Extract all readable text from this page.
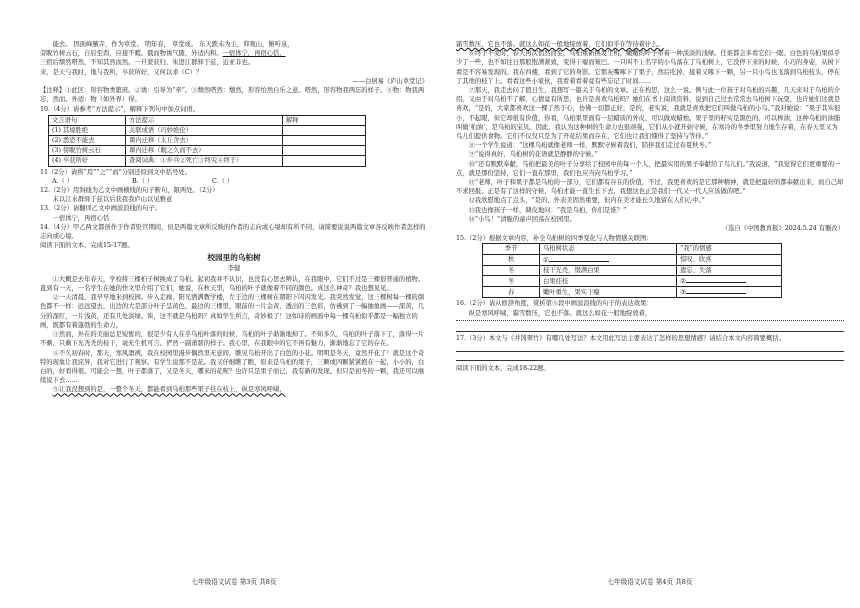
能去。 因面峰腋寺，作为草堂。 明年春， 草堂成。 东天跌未为主，仰观山，俯听泉，

旁睨竹树云石，自辰至酉，应接不暇。俄而物诱气随，外适内和。一宿体宁，再宿心恬，

三宿后颓然嗒然，不知其然而然。一旦蒙获归，朱进江群驿于兹，近亚非也。

来，是天与我时，地与我所，卒获所好，又何以求（C）？

——白居易《庐山草堂记》

【注释】①此区：形容物类繁庶。②诱：引导为“牵”。③颓然嗒然：颓然，形容怡然自乐之意。嗒然，形容物我两忘的样子。④物：物我两忘，然而。外适：物（如外界）得。

10.（4分）请参考“方法提示”，解释下列句中加点词语。

文言语句	方法提示	解释
(1) 其境胜绝	关联成语（巧妙绝伦）	
(2) 悉恐不能去	课内迁移（太丘舍去）	
(3) 傍睨竹树云石	课内迁移（睨之久而不去）	
(4) 卒获所好	查阅词典：①步兵②死亡③终究④终于）	

11（2分）请将“焉”“之”“而”分别还原到文中括号处。

A.（ ）	B.（ ）	C.（ ）

12.（2分）用斜线为乙文中画横线的句子断句，限两处。（2分）

未以江水群驿于兹以后获我我庐山以见雅意

13.（2分）请翻译乙文中画波浪线的句子。

一宿体宁，再宿心恬

14.（4分）甲乙两文都创作于作者贬官期间，但是两篇文章所反映的作者的志向或心境却有所不同，请简要说说两篇文章各反映作者怎样的志向或心境。

阅读下面的文本，完成15-17题。

校园里的乌桕树

李健

①大概是去年春天，学校将三棵柏子树换成了乌桕。起初我并不认识，也没有心思去辨认，在我眼中，它们不过是三棵很普通的植物。直到有一天，一名学生在她的作文里介绍了它们，她说，在秋天里，乌桕的叶子就像着不同的颜色。真这么神奇？我也想见见。

②一天清晨，我早早地来到校园。步入走廊，阳光洒满教学楼，左于边的三棵树在朝阳下闪闪发光。我突然发觉，这三棵树每一棵的颜色都不一样：远远望去，出边的大是部分叶子呈黄色，最边的三棵里，眼前的一片金黄，透出的三色彩，仿佛到了一幅抽象画——深黄，几分的深红，一片浅黄，还有几处淡绿。诶，这不就是乌桕吗？真如学生所言，奇妙极了！这如诗的画面中每一棵乌桕似乎都是一幅独立的画，既都有着蓬勃的生命力。

③然而，外在的美丽总是短暂的，很是少有人在乎乌桕叶落的时候，乌桕的叶子渐渐地掉了。不知多久，乌桕的叶子落下了，落得一片不剩，只剩下光秃秃的枝干，毫无生机可言。俨然一副萧瑟的样子。我心里，在我眼中的它不再有魅力，渐渐地忘了它的存在。

④不久初春时，那天，寒风凛冽，我在校园里漫步偶然里无意间，瞧见乌桕开出了白色的小花。明明是冬天，竟然开花了！就是这个奇特的现象让我诧异，我对它进行了观察。有学生说那不是花。我又仔细瞧了瞧，原来是乌桕的果子，三颗或四颗紧紧抱在一起，小小的，白白的，好看得很。可能会一想，叶子都落了，又是冬天，哪来的花呢？也许只是果子而已，我有新的发现。但只是初冬的一颗，我还可以继续说下去……

⑤让我没想到的是，一整个冬天，都能看到乌桕那些果子挂在枝上，纵是寒风呼啸，

七年级语文试卷 第3页 共8页

霜雪数压，它也不落。就这么如花一般地绽放着，它们似乎在等待着什么。

⑥终于不变时，春天再次悄然而至，乌桕重新换发生机，嫩嫩的叶子带着一种淡淡的浅绿。任谁都会多看它们一眼。白色的乌桕果似乎少了一些，也不如往日那般饱满紧致，变得干瘪而皱巴。一只叫不上名字的小鸟落在了乌桕树上，它没停下来的时候，小巧的身姿，从树下看是不容易发现的。我在四楼，看到了它的身影。它那灰嘴啄下了果子，然后吃掉，接着又啄下一颗，另一只小鸟也飞落到乌桕枝头，停在了其他的枝丫上。看看这些小家伙，我看着看着竟有些忘记了时间……

⑦那天，我走去问了值日生，我想写一篇关于乌桕的文章。正在构思，这么一说。例与此一位孩子对乌桕的兴趣，几天来对于乌桕的介绍，又由于对乌桕不了解，心情竟有所思，也许是喜欢乌桕吗？她们在书上阅读资料，说到自己过去常常去乌桕树下玩耍，也许她们这就是喜欢，“是的，大家都喜欢这一棵了然于心，仿佛一切都正好，是的，老实说，我就是喜欢把它们叫做乌桕的小鸟。”我对她说：“果子其实很小，不起眼，但它却很有价值，你看，乌桕果里面有一层蜡质的外皮，可以做成蜡烛。果子里的籽实是黑色的，可以榨油，这种乌桕的油脂叫做‘桕油’，是乌桕的宝贝。因此，我认为这种树的生命力也很顽强，它们从小就开始守候，在寒冷的冬季里努力地生存着，在春天里又为鸟儿们提供食物。它们不仅仅只是为了开花结果而存在，它们也让我们懂得了坚持与等待。”

⑧一个学生说道：“这棵乌桕就像老师一样，默默守候着我们，陪伴我们走过春夏秋冬。”

⑨“说得真好，乌桕树的花语就是静静的守候。”

⑩“还有默默奉献，乌桕把最美的叶子分享给了校园中的每一个人，把最实用的果子奉献给了鸟儿们。”我说道，“我觉得它们更重要的一点，就是那份坚持，它们一直在那里，我们也应当向乌桕学习。”

⑪“老师，叶子和果子都是乌桕的一部分，它们都有存在的价值，不过，我更喜欢的是它那种精神，就是把最好的都奉献出来，而自己却不求回报。正是有了这样的守候，乌桕才能一直生长下去，我想这也正是我们一代又一代人应该做的吧。”

⑫我欣慰地点了点头，“是的，外表美固然重要，但内在美才能长久地留在人们心中。”

⑬我也像孩子一样，调皮地问：“我是乌桕，你们是谁？”

⑭“小鸟！”清脆的童声回荡在校园里。

（选自《中国教育报》2024.5.24 有删改）

15.（2分）根据文章内容，补全乌桕树的四季变化与人物情感关联图：

季节	乌桕树状态	“我”的情感
秋	①	惊叹、欣喜
冬	枝干光秃，缀满白果	遗忘、失落
冬	白果挂枝	②
春	嫩叶重生，果实干瘪	③

16.（2分）请从修辞角度，赏析第⑤段中画波浪线的句子的表达效果：

纵是寒风呼啸，霜雪数压，它也不落。就这么如花一般地绽放着，

17.（3分）本文与《井冈翠竹》有哪几处写法？本文用此写法主要表达了怎样的思想情感？请结合本文内容简要概括。

阅读下面的文本，完成18-22题。

七年级语文试卷 第4页 共8页
